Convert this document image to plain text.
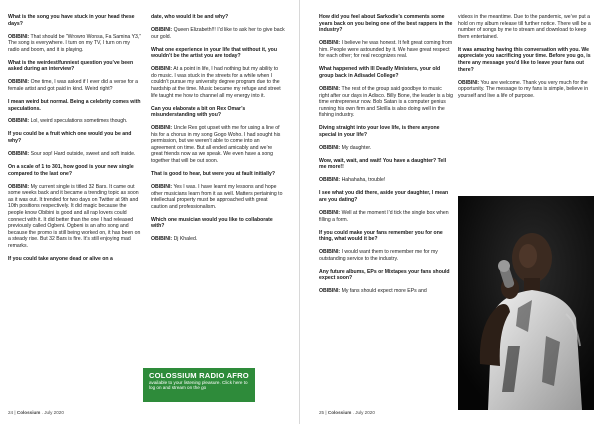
What is the song you have stuck in your head these days?

OBIBINI: That should be “Wrowro Wonsa, Fa Samina Y3,” The song is everywhere. I turn on my TV, I turn on my radio and boom, and it is playing.

What is the weirdest/funniest question you’ve been asked during an interview?

OBIBINI: One time, I was asked if I ever did a verse for a female artist and got paid in kind. Weird right?

I mean weird but normal. Being a celebrity comes with speculations.

OBIBINI: Lol, weird speculations sometimes though.

If you could be a fruit which one would you be and why?

OBIBINI: Sour sop! Hard outside, sweet and soft inside.

On a scale of 1 to 301, how good is your new single compared to the last one?

OBIBINI: My current single is titled 32 Bars. It came out some weeks back and it became a trending topic as soon as it was out. It trended for two days on Twitter at 9th and 10th positions respectively. It did magic because the people know Obibini is good and all rap lovers could connect with it. It did better than the one I had released previously called Ogbeni. Ogbeni is an afro song and because the promo is still being worked on, it has been on a steady rise. But 32 Bars is fire. It’s still enjoying mad remarks.

If you could take anyone dead or alive on a

date, who would it be and why?

OBIBINI: Queen Elizabeth!!! I’d like to ask her to give back our gold.

What one experience in your life that without it, you wouldn’t be the artist you are today?

OBIBINI: At a point in life, I had nothing but my ability to do music. I was stuck in the streets for a while when I couldn’t pursue my university degree program due to the hardship at the time. Music became my refuge and street life taught me how to channel all my energy into it.

Can you elaborate a bit on Rex Omar’s misunderstanding with you?

OBIBINI: Uncle Rex got upset with me for using a line of his for a chorus in my song Gogo Woho. I had sought his permission, but we weren’t able to come into an agreement on time. But all ended amicably and we’re great friends now as we speak. We even have a song together that will be out soon.

That is good to hear, but were you at fault initially?

OBIBINI: Yes I was. I have learnt my lessons and hope other musicians learn from it as well. Matters pertaining to intellectual property must be approached with great caution and professionalism.

Which one musician would you like to collaborate with?

OBIBINI: Dj Khaled.

COLOSSIUM RADIO AFRO
available to your listening pleasure. Click here to log on and stream on the go
24 | Colossium . July 2020

How did you feel about Sarkodie’s comments some years back on you being one of the best rappers in the industry?

OBIBINI: I believe he was honest. It felt great coming from him. People were astounded by it. We have great respect for each other; for real recognizes real.

What happened with Ill Deadly Ministers, your old group back in Adisadel College?

OBIBINI: The rest of the group said goodbye to music right after our days in Adisco. Billy Bone, the leader is a big time entrepreneur now. Bob Satan is a computer genius running his own firm and Skrilla is also doing well in the fishing industry.

Diving straight into your love life, is there anyone special in your life?

OBIBINI: My daughter.

Wow, wait, wait, and wait! You have a daughter? Tell me more!!

OBIBINI: Hahahaha, trouble!

I see what you did there, aside your daughter, I mean are you dating?

OBIBINI: Well at the moment I’d tick the single box when filling a form.

If you could make your fans remember you for one thing, what would it be?

OBIBINI: I would want them to remember me for my outstanding service to the industry.

Any future albums, EPs or Mixtapes your fans should expect soon?

OBIBINI: My fans should expect more EPs and

videos in the meantime. Due to the pandemic, we’ve put a hold on my album release till further notice. There will be a number of songs by me to stream and download to keep them entertained.

It was amazing having this conversation with you. We appreciate you sacrificing your time. Before you go, is there any message you’d like to leave your fans out there?

OBIBINI: You are welcome. Thank you very much for the opportunity. The message to my fans is simple, believe in yourself and live a life of purpose.

25 | Colossium . July 2020
